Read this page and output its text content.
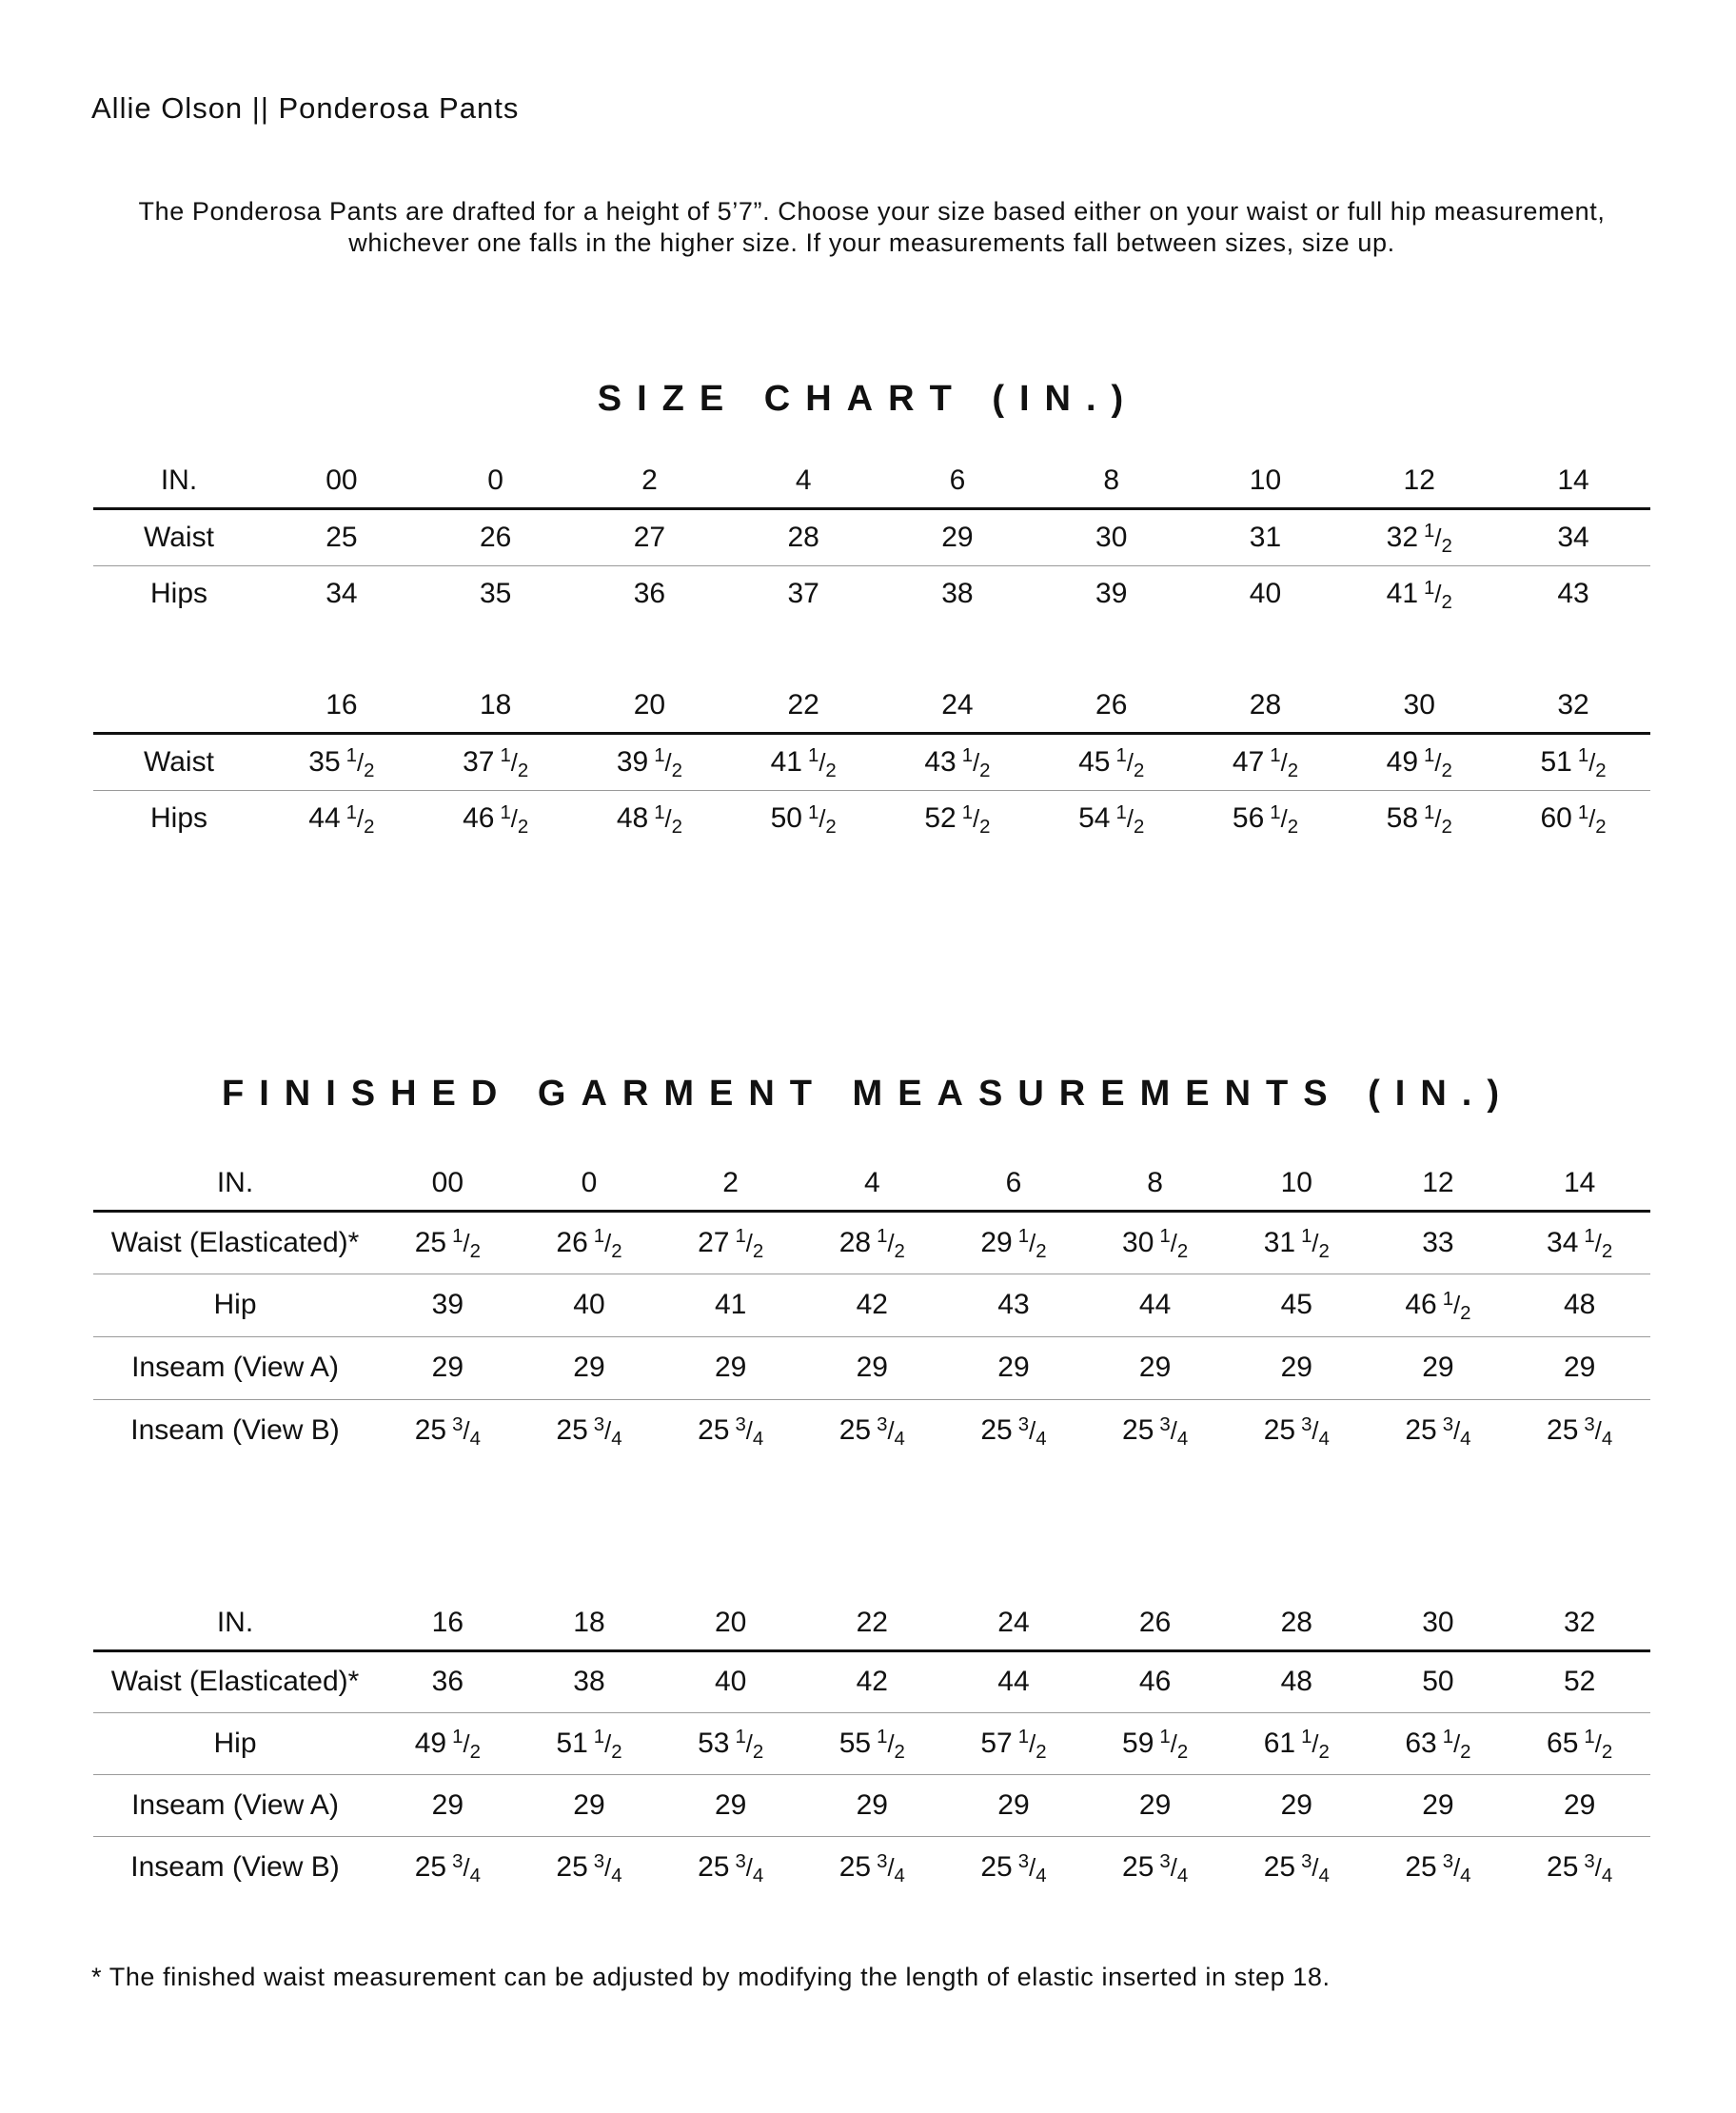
Allie Olson || Ponderosa Pants
The Ponderosa Pants are drafted for a height of 5’7”. Choose your size based either on your waist or full hip measurement, whichever one falls in the higher size. If your measurements fall between sizes, size up.
SIZE CHART (IN.)
IN.	00	0	2	4	6	8	10	12	14
Waist	25	26	27	28	29	30	31	32 1/2	34
Hips	34	35	36	37	38	39	40	41 1/2	43
	16	18	20	22	24	26	28	30	32
Waist	35 1/2	37 1/2	39 1/2	41 1/2	43 1/2	45 1/2	47 1/2	49 1/2	51 1/2
Hips	44 1/2	46 1/2	48 1/2	50 1/2	52 1/2	54 1/2	56 1/2	58 1/2	60 1/2
FINISHED GARMENT MEASUREMENTS (IN.)
IN.	00	0	2	4	6	8	10	12	14
Waist (Elasticated)*	25 1/2	26 1/2	27 1/2	28 1/2	29 1/2	30 1/2	31 1/2	33	34 1/2
Hip	39	40	41	42	43	44	45	46 1/2	48
Inseam (View A)	29	29	29	29	29	29	29	29	29
Inseam (View B)	25 3/4	25 3/4	25 3/4	25 3/4	25 3/4	25 3/4	25 3/4	25 3/4	25 3/4
IN.	16	18	20	22	24	26	28	30	32
Waist (Elasticated)*	36	38	40	42	44	46	48	50	52
Hip	49 1/2	51 1/2	53 1/2	55 1/2	57 1/2	59 1/2	61 1/2	63 1/2	65 1/2
Inseam (View A)	29	29	29	29	29	29	29	29	29
Inseam (View B)	25 3/4	25 3/4	25 3/4	25 3/4	25 3/4	25 3/4	25 3/4	25 3/4	25 3/4
* The finished waist measurement can be adjusted by modifying the length of elastic inserted in step 18.
